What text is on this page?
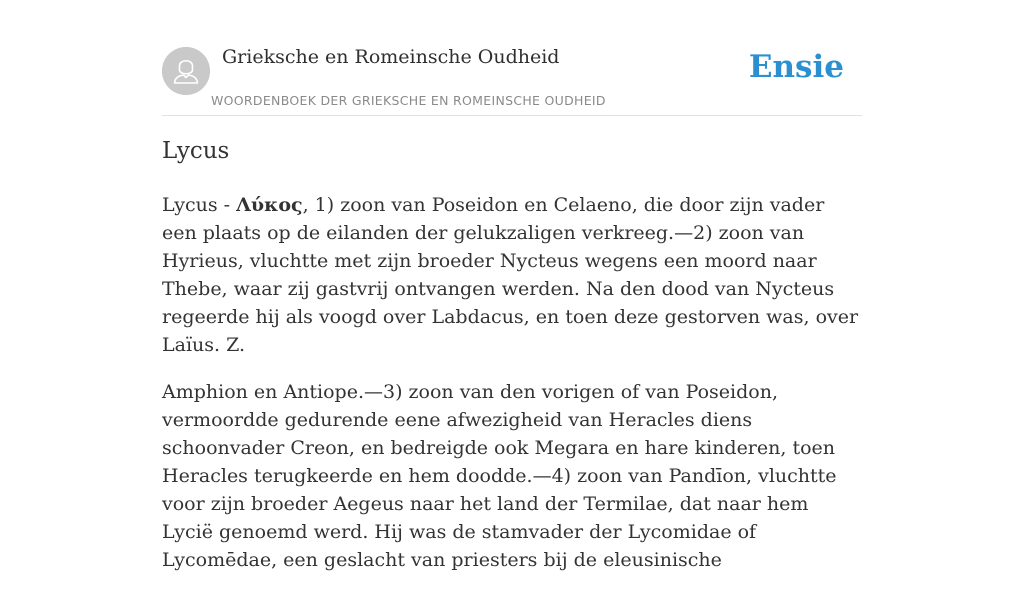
Grieksche en Romeinsche Oudheid
WOORDENBOEK DER GRIEKSCHE EN ROMEINSCHE OUDHEID
Ensie
Lycus

Lycus - Λύκος, 1) zoon van Poseidon en Celaeno, die door zijn vader een plaats op de eilanden der gelukzaligen verkreeg.—2) zoon van Hyrieus, vluchtte met zijn broeder Nycteus wegens een moord naar Thebe, waar zij gastvrij ontvangen werden. Na den dood van Nycteus regeerde hij als voogd over Labdacus, en toen deze gestorven was, over Laïus. Z.

Amphion en Antiope.—3) zoon van den vorigen of van Poseidon, vermoordde gedurende eene afwezigheid van Heracles diens schoonvader Creon, en bedreigde ook Megara en hare kinderen, toen Heracles terugkeerde en hem doodde.—4) zoon van Pandīon, vluchtte voor zijn broeder Aegeus naar het land der Termilae, dat naar hem Lycië genoemd werd. Hij was de stamvader der Lycomidae of Lycomēdae, een geslacht van priesters bij de eleusinische
